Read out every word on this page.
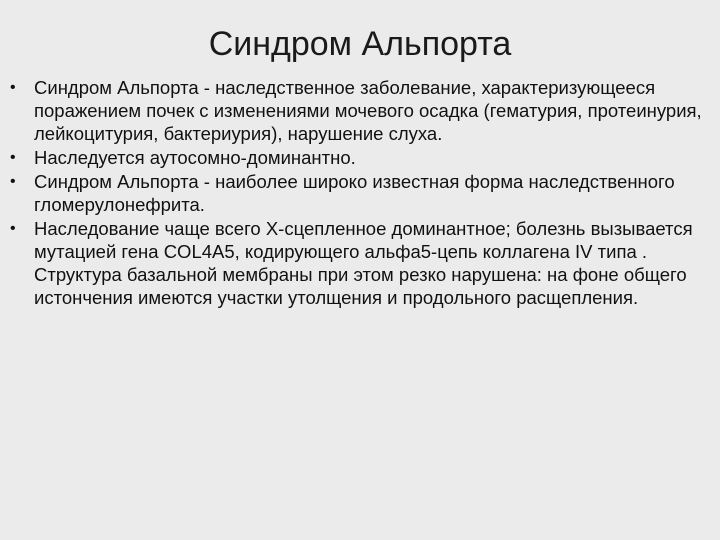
Синдром Альпорта
• Синдром Альпорта - наследственное заболевание, характеризующееся поражением почек с изменениями мочевого осадка (гематурия, протеинурия, лейкоцитурия, бактериурия), нарушение слуха.
• Наследуется аутосомно-доминантно.
• Синдром Альпорта - наиболее широко известная форма наследственного гломерулонефрита.
• Наследование чаще всего X-сцепленное доминантное; болезнь вызывается мутацией гена COL4A5, кодирующего альфа5-цепь коллагена IV типа . Структура базальной мембраны при этом резко нарушена: на фоне общего истончения имеются участки утолщения и продольного расщепления.
